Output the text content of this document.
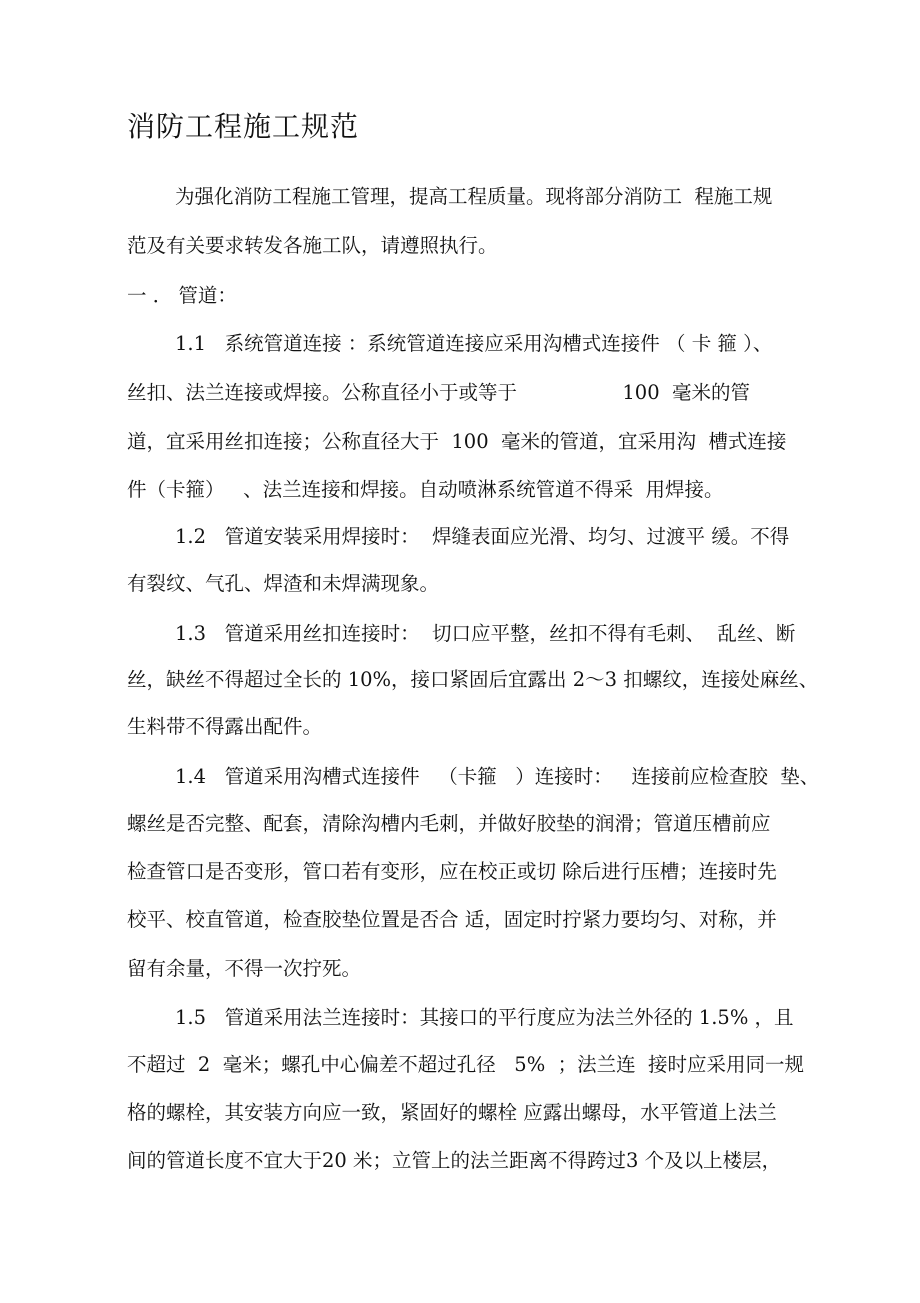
消防工程施工规范
为强化消防工程施工管理，提高工程质量。现将部分消防工  程施工规
范及有关要求转发各施工队，请遵照执行。
一 ． 管道：
1.1   系统管道连接 ：系统管道连接应采用沟槽式连接件 （ 卡 箍 ）、
丝扣、法兰连接或焊接。公称直径小于或等于                 100  毫米的管
道，宜采用丝扣连接；公称直径大于  100  毫米的管道，宜采用沟  槽式连接
件（卡箍）   、法兰连接和焊接。自动喷淋系统管道不得采  用焊接。
1.2   管道安装采用焊接时：  焊缝表面应光滑、均匀、过渡平 缓。不得
有裂纹、气孔、焊渣和未焊满现象。
1.3   管道采用丝扣连接时：  切口应平整，丝扣不得有毛刺、  乱丝、断
丝，缺丝不得超过全长的 10%，接口紧固后宜露出 2～3 扣螺纹，连接处麻丝、
生料带不得露出配件。
1.4   管道采用沟槽式连接件   （卡箍   ）连接时：   连接前应检查胶  垫、
螺丝是否完整、配套，清除沟槽内毛刺，并做好胶垫的润滑；管道压槽前应
检查管口是否变形，管口若有变形，应在校正或切 除后进行压槽；连接时先
校平、校直管道，检查胶垫位置是否合 适，固定时拧紧力要均匀、对称，并
留有余量，不得一次拧死。
1.5   管道采用法兰连接时：其接口的平行度应为法兰外径的 1.5% ，且
不超过  2  毫米；螺孔中心偏差不超过孔径   5%  ；法兰连  接时应采用同一规
格的螺栓，其安装方向应一致，紧固好的螺栓 应露出螺母，水平管道上法兰
间的管道长度不宜大于20 米；立管上的法兰距离不得跨过3 个及以上楼层，
